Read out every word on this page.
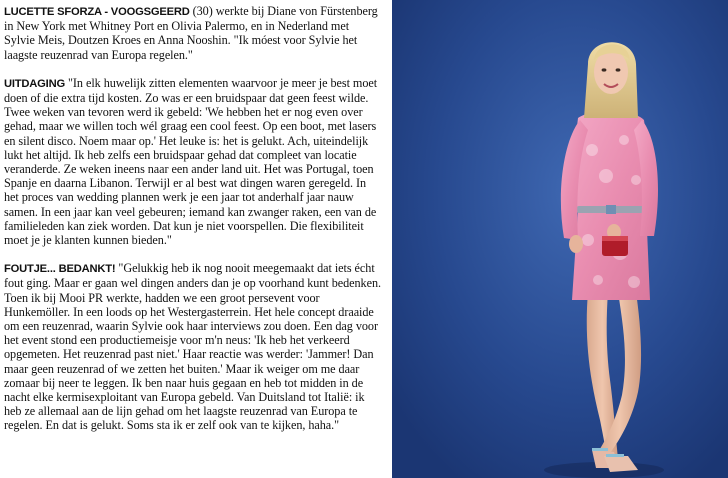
LUCETTE SFORZA - VOOGSGEERD (30) werkte bij Diane von Fürstenberg in New York met Whitney Port en Olivia Palermo, en in Nederland met Sylvie Meis, Doutzen Kroes en Anna Nooshin. "Ik móest voor Sylvie het laagste reuzenrad van Europa regelen."

UITDAGING "In elk huwelijk zitten elementen waarvoor je meer je best moet doen of die extra tijd kosten. Zo was er een bruidspaar dat geen feest wilde. Twee weken van tevoren werd ik gebeld: 'We hebben het er nog even over gehad, maar we willen toch wél graag een cool feest. Op een boot, met lasers en silent disco. Noem maar op.' Het leuke is: het is gelukt. Ach, uiteindelijk lukt het altijd. Ik heb zelfs een bruidspaar gehad dat compleet van locatie veranderde. Ze weken ineens naar een ander land uit. Het was Portugal, toen Spanje en daarna Libanon. Terwijl er al best wat dingen waren geregeld. In het proces van wedding plannen werk je een jaar tot anderhalf jaar nauw samen. In een jaar kan veel gebeuren; iemand kan zwanger raken, een van de familieleden kan ziek worden. Dat kun je niet voorspellen. Die flexibiliteit moet je je klanten kunnen bieden."

FOUTJE... BEDANKT! "Gelukkig heb ik nog nooit meegemaakt dat iets écht fout ging. Maar er gaan wel dingen anders dan je op voorhand kunt bedenken. Toen ik bij Mooi PR werkte, hadden we een groot persevent voor Hunkemöller. In een loods op het Westergasterrein. Het hele concept draaide om een reuzenrad, waarin Sylvie ook haar interviews zou doen. Een dag voor het event stond een productiemeisje voor m'n neus: 'Ik heb het verkeerd opgemeten. Het reuzenrad past niet.' Haar reactie was werder: 'Jammer! Dan maar geen reuzenrad of we zetten het buiten.' Maar ik weiger om me daar zomaar bij neer te leggen. Ik ben naar huis gegaan en heb tot midden in de nacht elke kermisexploitant van Europa gebeld. Van Duitsland tot Italië: ik heb ze allemaal aan de lijn gehad om het laagste reuzenrad van Europa te regelen. En dat is gelukt. Soms sta ik er zelf ook van te kijken, haha."
